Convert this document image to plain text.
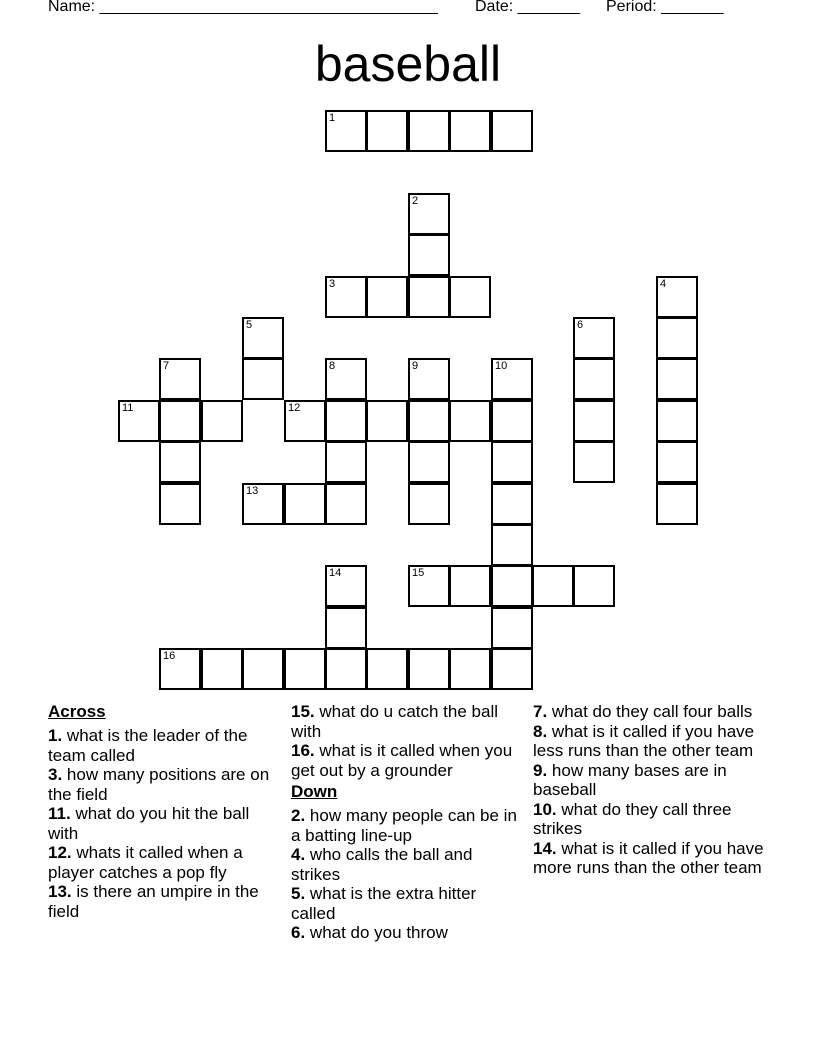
Name: ______________________________________ Date: _______ Period: _______
baseball
1
2
3	4
5	6
7	8	9	10
11	12
13
14	15
16
Across

1. what is the leader of the team called

3. how many positions are on the field

11. what do you hit the ball with

12. whats it called when a player catches a pop fly

13. is there an umpire in the field

15. what do u catch the ball with

16. what is it called when you get out by a grounder

Down

2. how many people can be in a batting line-up

4. who calls the ball and strikes

5. what is the extra hitter called

6. what do you throw

7. what do they call four balls

8. what is it called if you have less runs than the other team

9. how many bases are in baseball

10. what do they call three strikes

14. what is it called if you have more runs than the other team
